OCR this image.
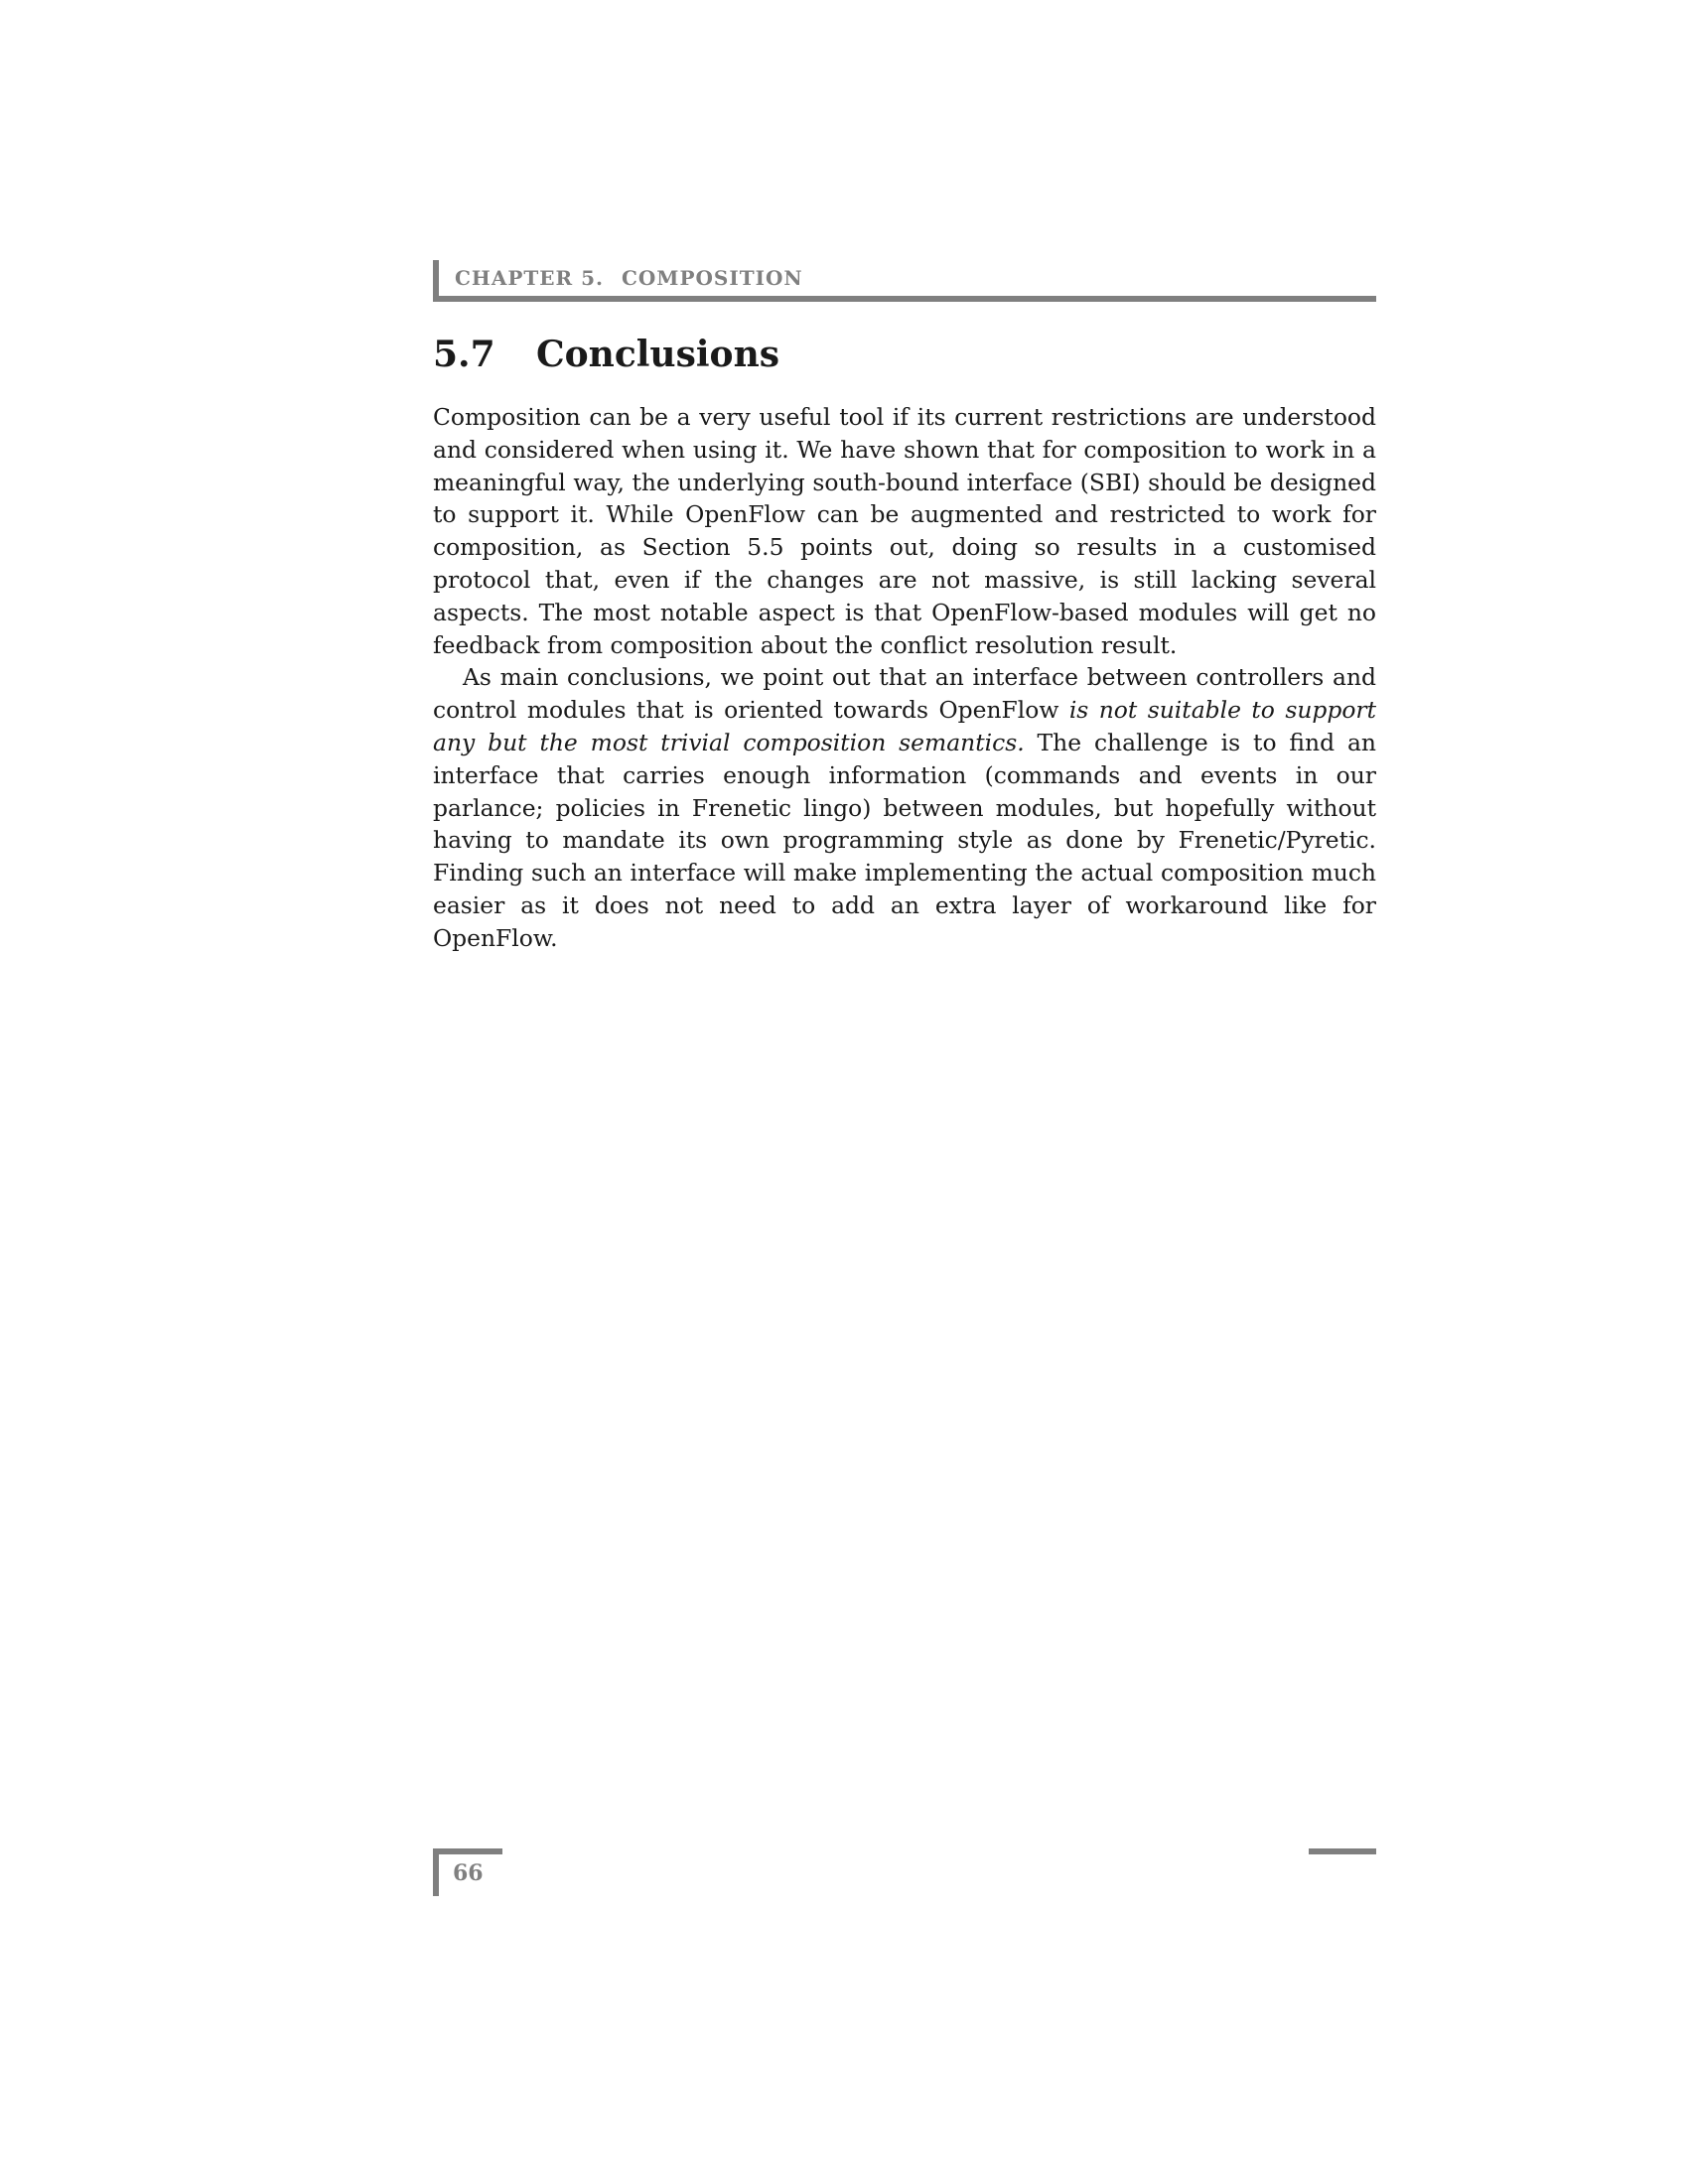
CHAPTER 5. COMPOSITION
5.7 Conclusions

Composition can be a very useful tool if its current restrictions are understood and considered when using it. We have shown that for composition to work in a meaningful way, the underlying south-bound interface (SBI) should be designed to support it. While OpenFlow can be augmented and restricted to work for composition, as Section 5.5 points out, doing so results in a customised protocol that, even if the changes are not massive, is still lacking several aspects. The most notable aspect is that OpenFlow-based modules will get no feedback from composition about the conflict resolution result.

As main conclusions, we point out that an interface between controllers and control modules that is oriented towards OpenFlow is not suitable to support any but the most trivial composition semantics. The challenge is to find an interface that carries enough information (commands and events in our parlance; policies in Frenetic lingo) between modules, but hopefully without having to mandate its own programming style as done by Frenetic/Pyretic. Finding such an interface will make implementing the actual composition much easier as it does not need to add an extra layer of workaround like for OpenFlow.

66
